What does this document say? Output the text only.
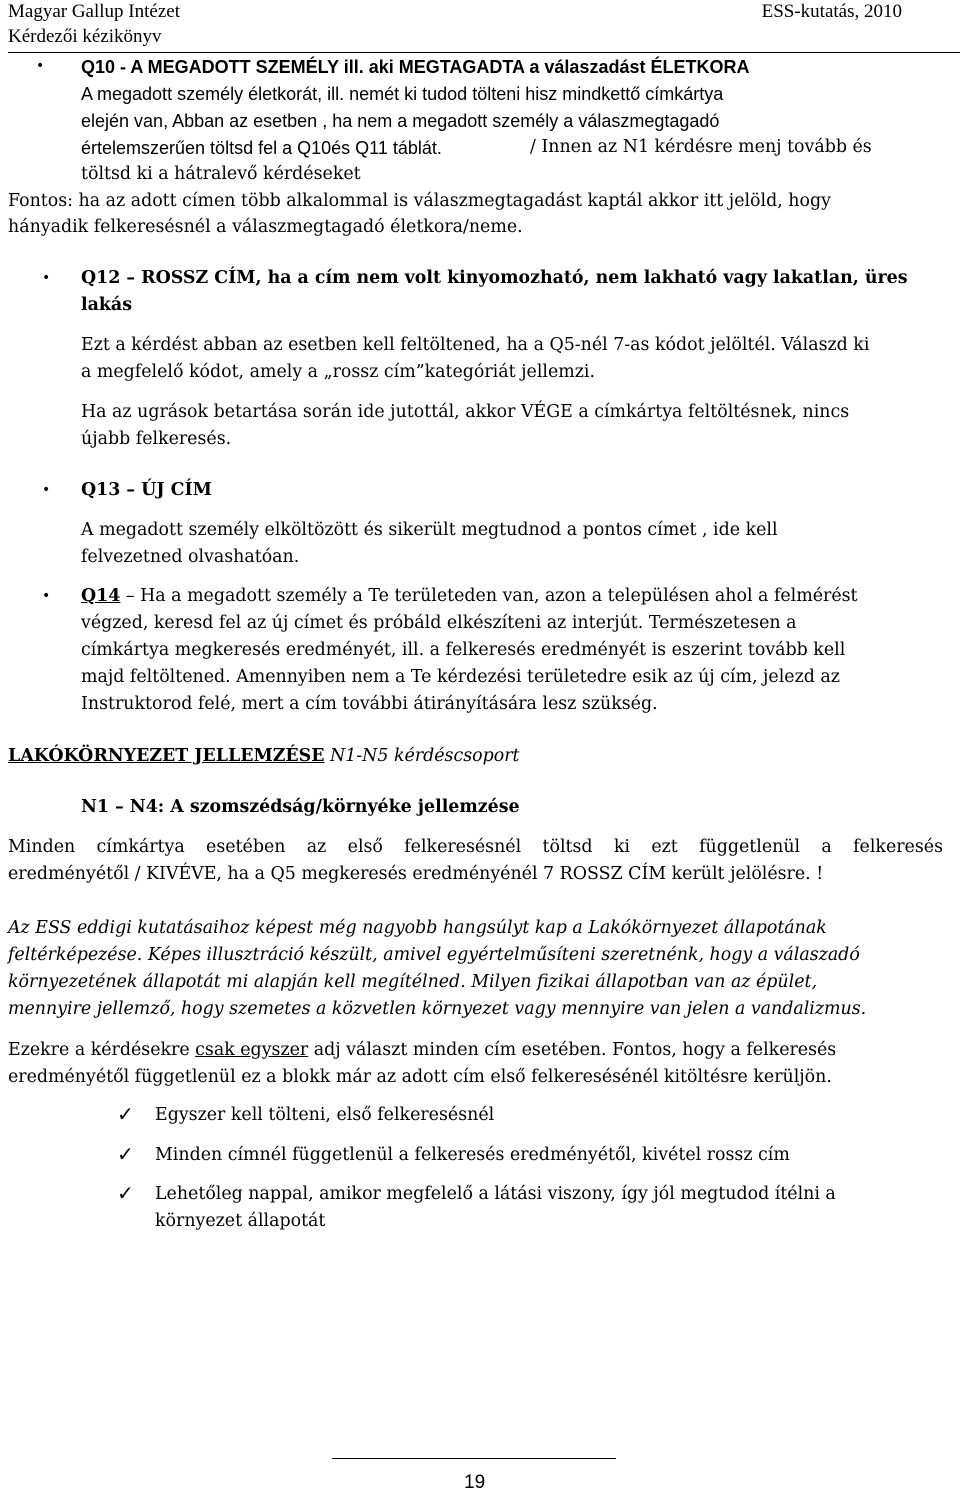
Magyar Gallup Intézet
Kérdezői kézikönyv
ESS-kutatás, 2010
• Q10 - A MEGADOTT SZEMÉLY ill. aki MEGTAGADTA a válaszadást ÉLETKORA
A megadott személy életkorát, ill. nemét ki tudod tölteni hisz mindkettő címkártya
elején van, Abban az esetben , ha nem a megadott személy a válaszmegtagadó
értelemszerűen töltsd fel a Q10és Q11 táblát.	/ Innen az N1 kérdésre menj tovább és
töltsd ki a hátralevő kérdéseket
Fontos: ha az adott címen több alkalommal is válaszmegtagadást kaptál akkor itt jelöld, hogy
hányadik felkeresésnél a válaszmegtagadó életkora/neme.
• Q12 – ROSSZ CÍM, ha a cím nem volt kinyomozható, nem lakható vagy lakatlan, üres
lakás
Ezt a kérdést abban az esetben kell feltöltened, ha a Q5-nél 7-as kódot jelöltél. Válaszd ki
a megfelelő kódot, amely a „rossz cím”kategóriát jellemzi.
Ha az ugrások betartása során ide jutottál, akkor VÉGE a címkártya feltöltésnek, nincs
újabb felkeresés.
• Q13 – ÚJ CÍM
A megadott személy elköltözött és sikerült megtudnod a pontos címet , ide kell
felvezetned olvashatóan.
• Q14 – Ha a megadott személy a Te területeden van, azon a településen ahol a felmérést
végzed, keresd fel az új címet és próbáld elkészíteni az interjút. Természetesen a
címkártya megkeresés eredményét, ill. a felkeresés eredményét is eszerint tovább kell
majd feltöltened. Amennyiben nem a Te kérdezési területedre esik az új cím, jelezd az
Instruktorod felé, mert a cím további átirányítására lesz szükség.
LAKÓKÖRNYEZET JELLEMZÉSE N1-N5 kérdéscsoport
N1 – N4: A szomszédság/környéke jellemzése
Minden címkártya esetében az első felkeresésnél töltsd ki ezt függetlenül a felkeresés
eredményétől / KIVÉVE, ha a Q5 megkeresés eredményénél 7 ROSSZ CÍM került jelölésre. !
Az ESS eddigi kutatásaihoz képest még nagyobb hangsúlyt kap a Lakókörnyezet állapotának
feltérképezése. Képes illusztráció készült, amivel egyértelműsíteni szeretnénk, hogy a válaszadó
környezetének állapotát mi alapján kell megítélned. Milyen fizikai állapotban van az épület,
mennyire jellemző, hogy szemetes a közvetlen környezet vagy mennyire van jelen a vandalizmus.
Ezekre a kérdésekre csak egyszer adj választ minden cím esetében. Fontos, hogy a felkeresés
eredményétől függetlenül ez a blokk már az adott cím első felkeresésénél kitöltésre kerüljön.
✓ Egyszer kell tölteni, első felkeresésnél
✓ Minden címnél függetlenül a felkeresés eredményétől, kivétel rossz cím
✓ Lehetőleg nappal, amikor megfelelő a látási viszony, így jól megtudod ítélni a
környezet állapotát
19
